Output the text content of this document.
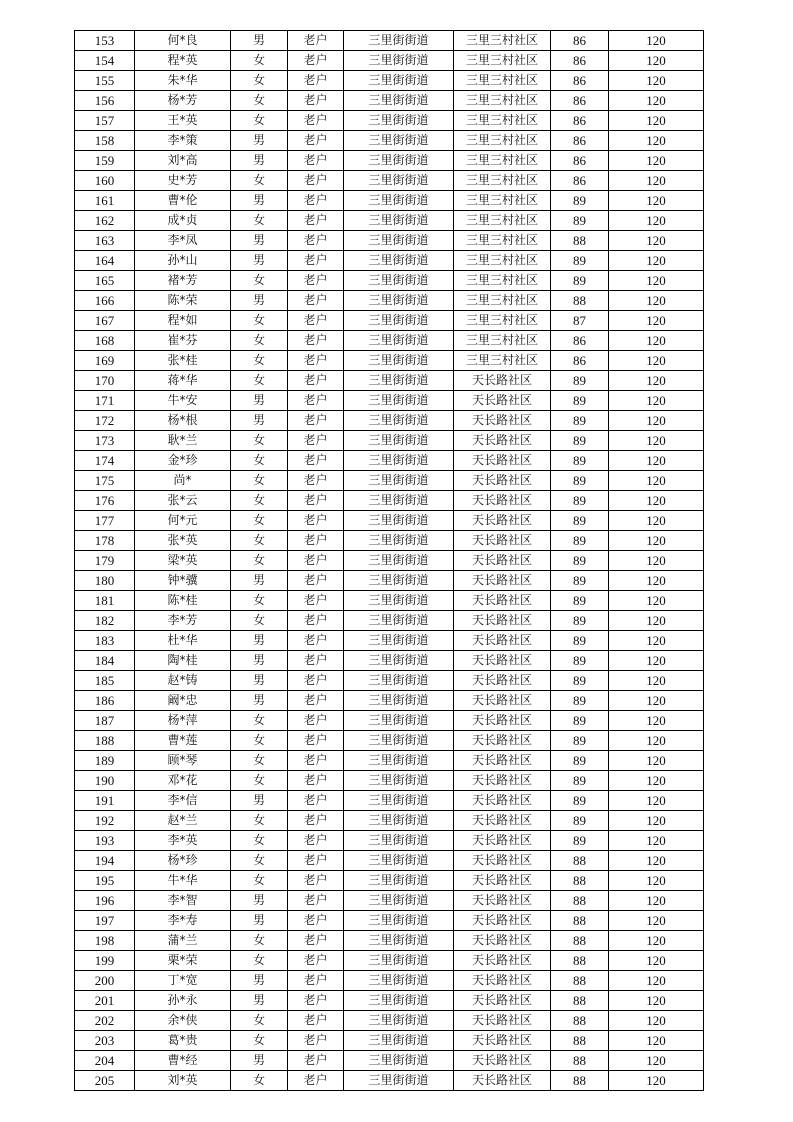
153	何*良	男	老户	三里街街道	三里三村社区	86	120
154	程*英	女	老户	三里街街道	三里三村社区	86	120
155	朱*华	女	老户	三里街街道	三里三村社区	86	120
156	杨*芳	女	老户	三里街街道	三里三村社区	86	120
157	王*英	女	老户	三里街街道	三里三村社区	86	120
158	李*策	男	老户	三里街街道	三里三村社区	86	120
159	刘*高	男	老户	三里街街道	三里三村社区	86	120
160	史*芳	女	老户	三里街街道	三里三村社区	86	120
161	曹*伦	男	老户	三里街街道	三里三村社区	89	120
162	成*贞	女	老户	三里街街道	三里三村社区	89	120
163	李*凤	男	老户	三里街街道	三里三村社区	88	120
164	孙*山	男	老户	三里街街道	三里三村社区	89	120
165	褚*芳	女	老户	三里街街道	三里三村社区	89	120
166	陈*荣	男	老户	三里街街道	三里三村社区	88	120
167	程*如	女	老户	三里街街道	三里三村社区	87	120
168	崔*芬	女	老户	三里街街道	三里三村社区	86	120
169	张*桂	女	老户	三里街街道	三里三村社区	86	120
170	蒋*华	女	老户	三里街街道	天长路社区	89	120
171	牛*安	男	老户	三里街街道	天长路社区	89	120
172	杨*根	男	老户	三里街街道	天长路社区	89	120
173	耿*兰	女	老户	三里街街道	天长路社区	89	120
174	金*珍	女	老户	三里街街道	天长路社区	89	120
175	尚*	女	老户	三里街街道	天长路社区	89	120
176	张*云	女	老户	三里街街道	天长路社区	89	120
177	何*元	女	老户	三里街街道	天长路社区	89	120
178	张*英	女	老户	三里街街道	天长路社区	89	120
179	梁*英	女	老户	三里街街道	天长路社区	89	120
180	钟*骥	男	老户	三里街街道	天长路社区	89	120
181	陈*桂	女	老户	三里街街道	天长路社区	89	120
182	李*芳	女	老户	三里街街道	天长路社区	89	120
183	杜*华	男	老户	三里街街道	天长路社区	89	120
184	陶*桂	男	老户	三里街街道	天长路社区	89	120
185	赵*铸	男	老户	三里街街道	天长路社区	89	120
186	阚*忠	男	老户	三里街街道	天长路社区	89	120
187	杨*萍	女	老户	三里街街道	天长路社区	89	120
188	曹*莲	女	老户	三里街街道	天长路社区	89	120
189	顾*琴	女	老户	三里街街道	天长路社区	89	120
190	邓*花	女	老户	三里街街道	天长路社区	89	120
191	李*信	男	老户	三里街街道	天长路社区	89	120
192	赵*兰	女	老户	三里街街道	天长路社区	89	120
193	李*英	女	老户	三里街街道	天长路社区	89	120
194	杨*珍	女	老户	三里街街道	天长路社区	88	120
195	牛*华	女	老户	三里街街道	天长路社区	88	120
196	李*智	男	老户	三里街街道	天长路社区	88	120
197	李*寿	男	老户	三里街街道	天长路社区	88	120
198	蒲*兰	女	老户	三里街街道	天长路社区	88	120
199	栗*荣	女	老户	三里街街道	天长路社区	88	120
200	丁*宽	男	老户	三里街街道	天长路社区	88	120
201	孙*永	男	老户	三里街街道	天长路社区	88	120
202	余*侠	女	老户	三里街街道	天长路社区	88	120
203	葛*贵	女	老户	三里街街道	天长路社区	88	120
204	曹*经	男	老户	三里街街道	天长路社区	88	120
205	刘*英	女	老户	三里街街道	天长路社区	88	120
